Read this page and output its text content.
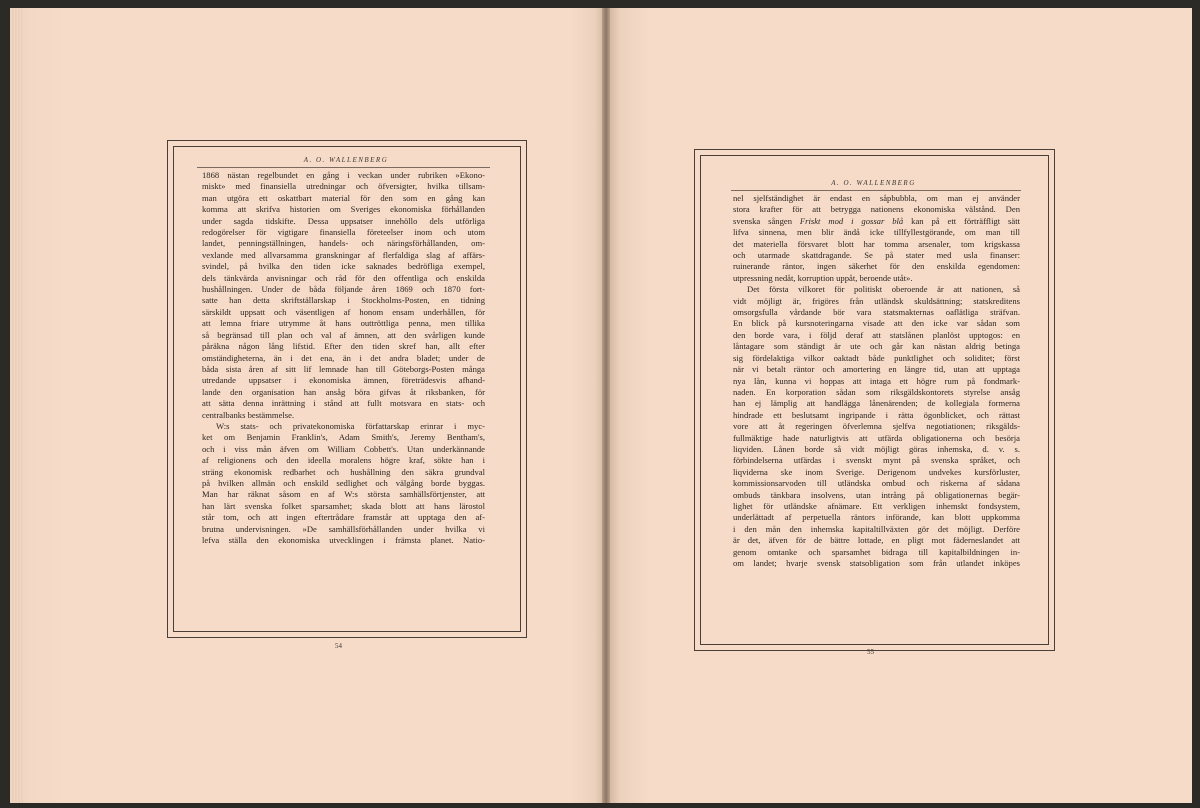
A. O. WALLENBERG
1868 nästan regelbundet en gång i veckan under rubriken »Ekono-
miskt» med finansiella utredningar och öfversigter, hvilka tillsam-
man utgöra ett oskattbart material för den som en gång kan
komma att skrifva historien om Sveriges ekonomiska förhållanden
under sagda tidskifte. Dessa uppsatser innehöllo dels utförliga
redogörelser för vigtigare finansiella företeelser inom och utom
landet, penningställningen, handels- och näringsförhållanden, om-
vexlande med allvarsamma granskningar af flerfaldiga slag af affärs-
svindel, på hvilka den tiden icke saknades bedröfliga exempel,
dels tänkvärda anvisningar och råd för den offentliga och enskilda
hushållningen. Under de båda följande åren 1869 och 1870 fort-
satte han detta skriftställarskap i Stockholms-Posten, en tidning
särskildt uppsatt och väsentligen af honom ensam underhållen, för
att lemna friare utrymme åt hans outtröttliga penna, men tillika
så begränsad till plan och val af ämnen, att den svårligen kunde
påräkna någon lång lifstid. Efter den tiden skref han, allt efter
omständigheterna, än i det ena, än i det andra bladet; under de
båda sista åren af sitt lif lemnade han till Göteborgs-Posten många
utredande uppsatser i ekonomiska ämnen, företrädesvis afhand-
lande den organisation han ansåg böra gifvas åt riksbanken, för
att sätta denna inrättning i stånd att fullt motsvara en stats- och
centralbanks bestämmelse.
W:s stats- och privatekonomiska författarskap erinrar i myc-
ket om Benjamin Franklin's, Adam Smith's, Jeremy Bentham's,
och i viss mån äfven om William Cobbett's. Utan underkännande
af religionens och den ideella moralens högre kraf, sökte han i
sträng ekonomisk redbarhet och hushållning den säkra grundval
på hvilken allmän och enskild sedlighet och välgång borde byggas.
Man har räknat såsom en af W:s största samhällsförtjenster, att
han lärt svenska folket sparsamhet; skada blott att hans lärostol
står tom, och att ingen eftertrådare framstår att upptaga den af-
brutna undervisningen. »De samhällsförhållanden under hvilka vi
lefva ställa den ekonomiska utvecklingen i främsta planet. Natio-
54
A. O. WALLENBERG
nel sjelfständighet är endast en såpbubbla, om man ej använder
stora krafter för att betrygga nationens ekonomiska välstånd. Den
svenska sången Friskt mod i gossar blå kan på ett förträffligt sätt
lifva sinnena, men blir ändå icke tillfyllestgörande, om man till
det materiella försvaret blott har tomma arsenaler, tom krigskassa
och utarmade skattdragande. Se på stater med usla finanser:
ruinerande räntor, ingen säkerhet för den enskilda egendomen:
utpressning nedåt, korruption uppåt, beroende utåt».
Det första vilkoret för politiskt oberoende är att nationen, så
vidt möjligt är, frigöres från utländsk skuldsättning; statskreditens
omsorgsfulla vårdande bör vara statsmakternas oaflätliga sträfvan.
En blick på kursnoteringarna visade att den icke var sådan som
den borde vara, i följd deraf att statslånen planlöst upptogos: en
låntagare som ständigt är ute och går kan nästan aldrig betinga
sig fördelaktiga vilkor oaktadt både punktlighet och soliditet; först
när vi betalt räntor och amortering en längre tid, utan att upptaga
nya lån, kunna vi hoppas att intaga ett högre rum på fondmark-
naden. En korporation sådan som riksgäldskontorets styrelse ansåg
han ej lämplig att handlägga lånenärenden; de kollegiala formerna
hindrade ett beslutsamt ingripande i rätta ögonblicket, och rättast
vore att åt regeringen öfverlemna sjelfva negotiationen; riksgälds-
fullmäktige hade naturligtvis att utfärda obligationerna och besörja
liqviden. Lånen borde så vidt möjligt göras inhemska, d. v. s.
förbindelserna utfärdas i svenskt mynt på svenska språket, och
liqviderna ske inom Sverige. Derigenom undvekes kursförluster,
kommissionsarvoden till utländska ombud och riskerna af sådana
ombuds tänkbara insolvens, utan intrång på obligationernas begär-
lighet för utländske afnämare. Ett verkligen inhemskt fondsystem,
underlättadt af perpetuella räntors införande, kan blott uppkomma
i den mån den inhemska kapitaltillväxten gör det möjligt. Derföre
är det, äfven för de bättre lottade, en pligt mot fäderneslandet att
genom omtanke och sparsamhet bidraga till kapitalbildningen in-
om landet; hvarje svensk statsobligation som från utlandet inköpes
55
